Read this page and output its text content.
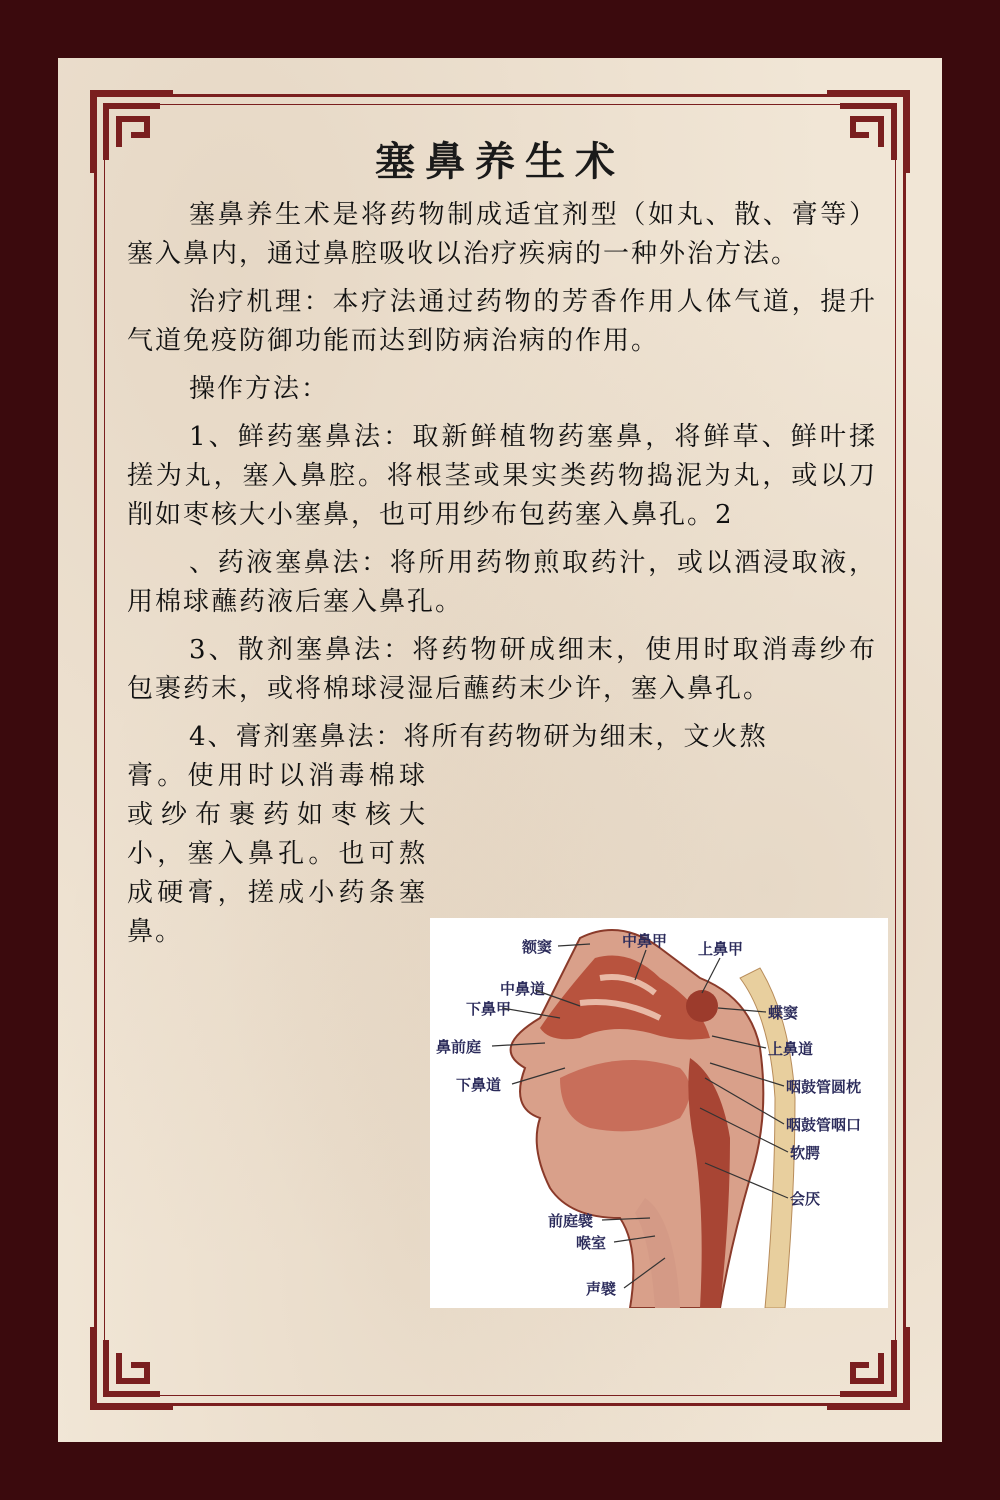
塞鼻养生术

塞鼻养生术是将药物制成适宜剂型（如丸、散、膏等）塞入鼻内，通过鼻腔吸收以治疗疾病的一种外治方法。

治疗机理：本疗法通过药物的芳香作用人体气道，提升气道免疫防御功能而达到防病治病的作用。

操作方法：

1、鲜药塞鼻法：取新鲜植物药塞鼻，将鲜草、鲜叶揉搓为丸，塞入鼻腔。将根茎或果实类药物捣泥为丸，或以刀削如枣核大小塞鼻，也可用纱布包药塞入鼻孔。2

、药液塞鼻法：将所用药物煎取药汁，或以酒浸取液，用棉球蘸药液后塞入鼻孔。

3、散剂塞鼻法：将药物研成细末，使用时取消毒纱布包裹药末，或将棉球浸湿后蘸药末少许，塞入鼻孔。

4、膏剂塞鼻法：将所有药物研为细末，文火熬

膏。使用时以消毒棉球或纱布裹药如枣核大小，塞入鼻孔。也可熬成硬膏，搓成小药条塞鼻。	额窦	中鼻甲 上鼻甲
中鼻道
下鼻甲	蝶窦
鼻前庭	上鼻道
下鼻道	咽鼓管圆枕
咽鼓管咽口
软腭
会厌
前庭襞
喉室
声襞
